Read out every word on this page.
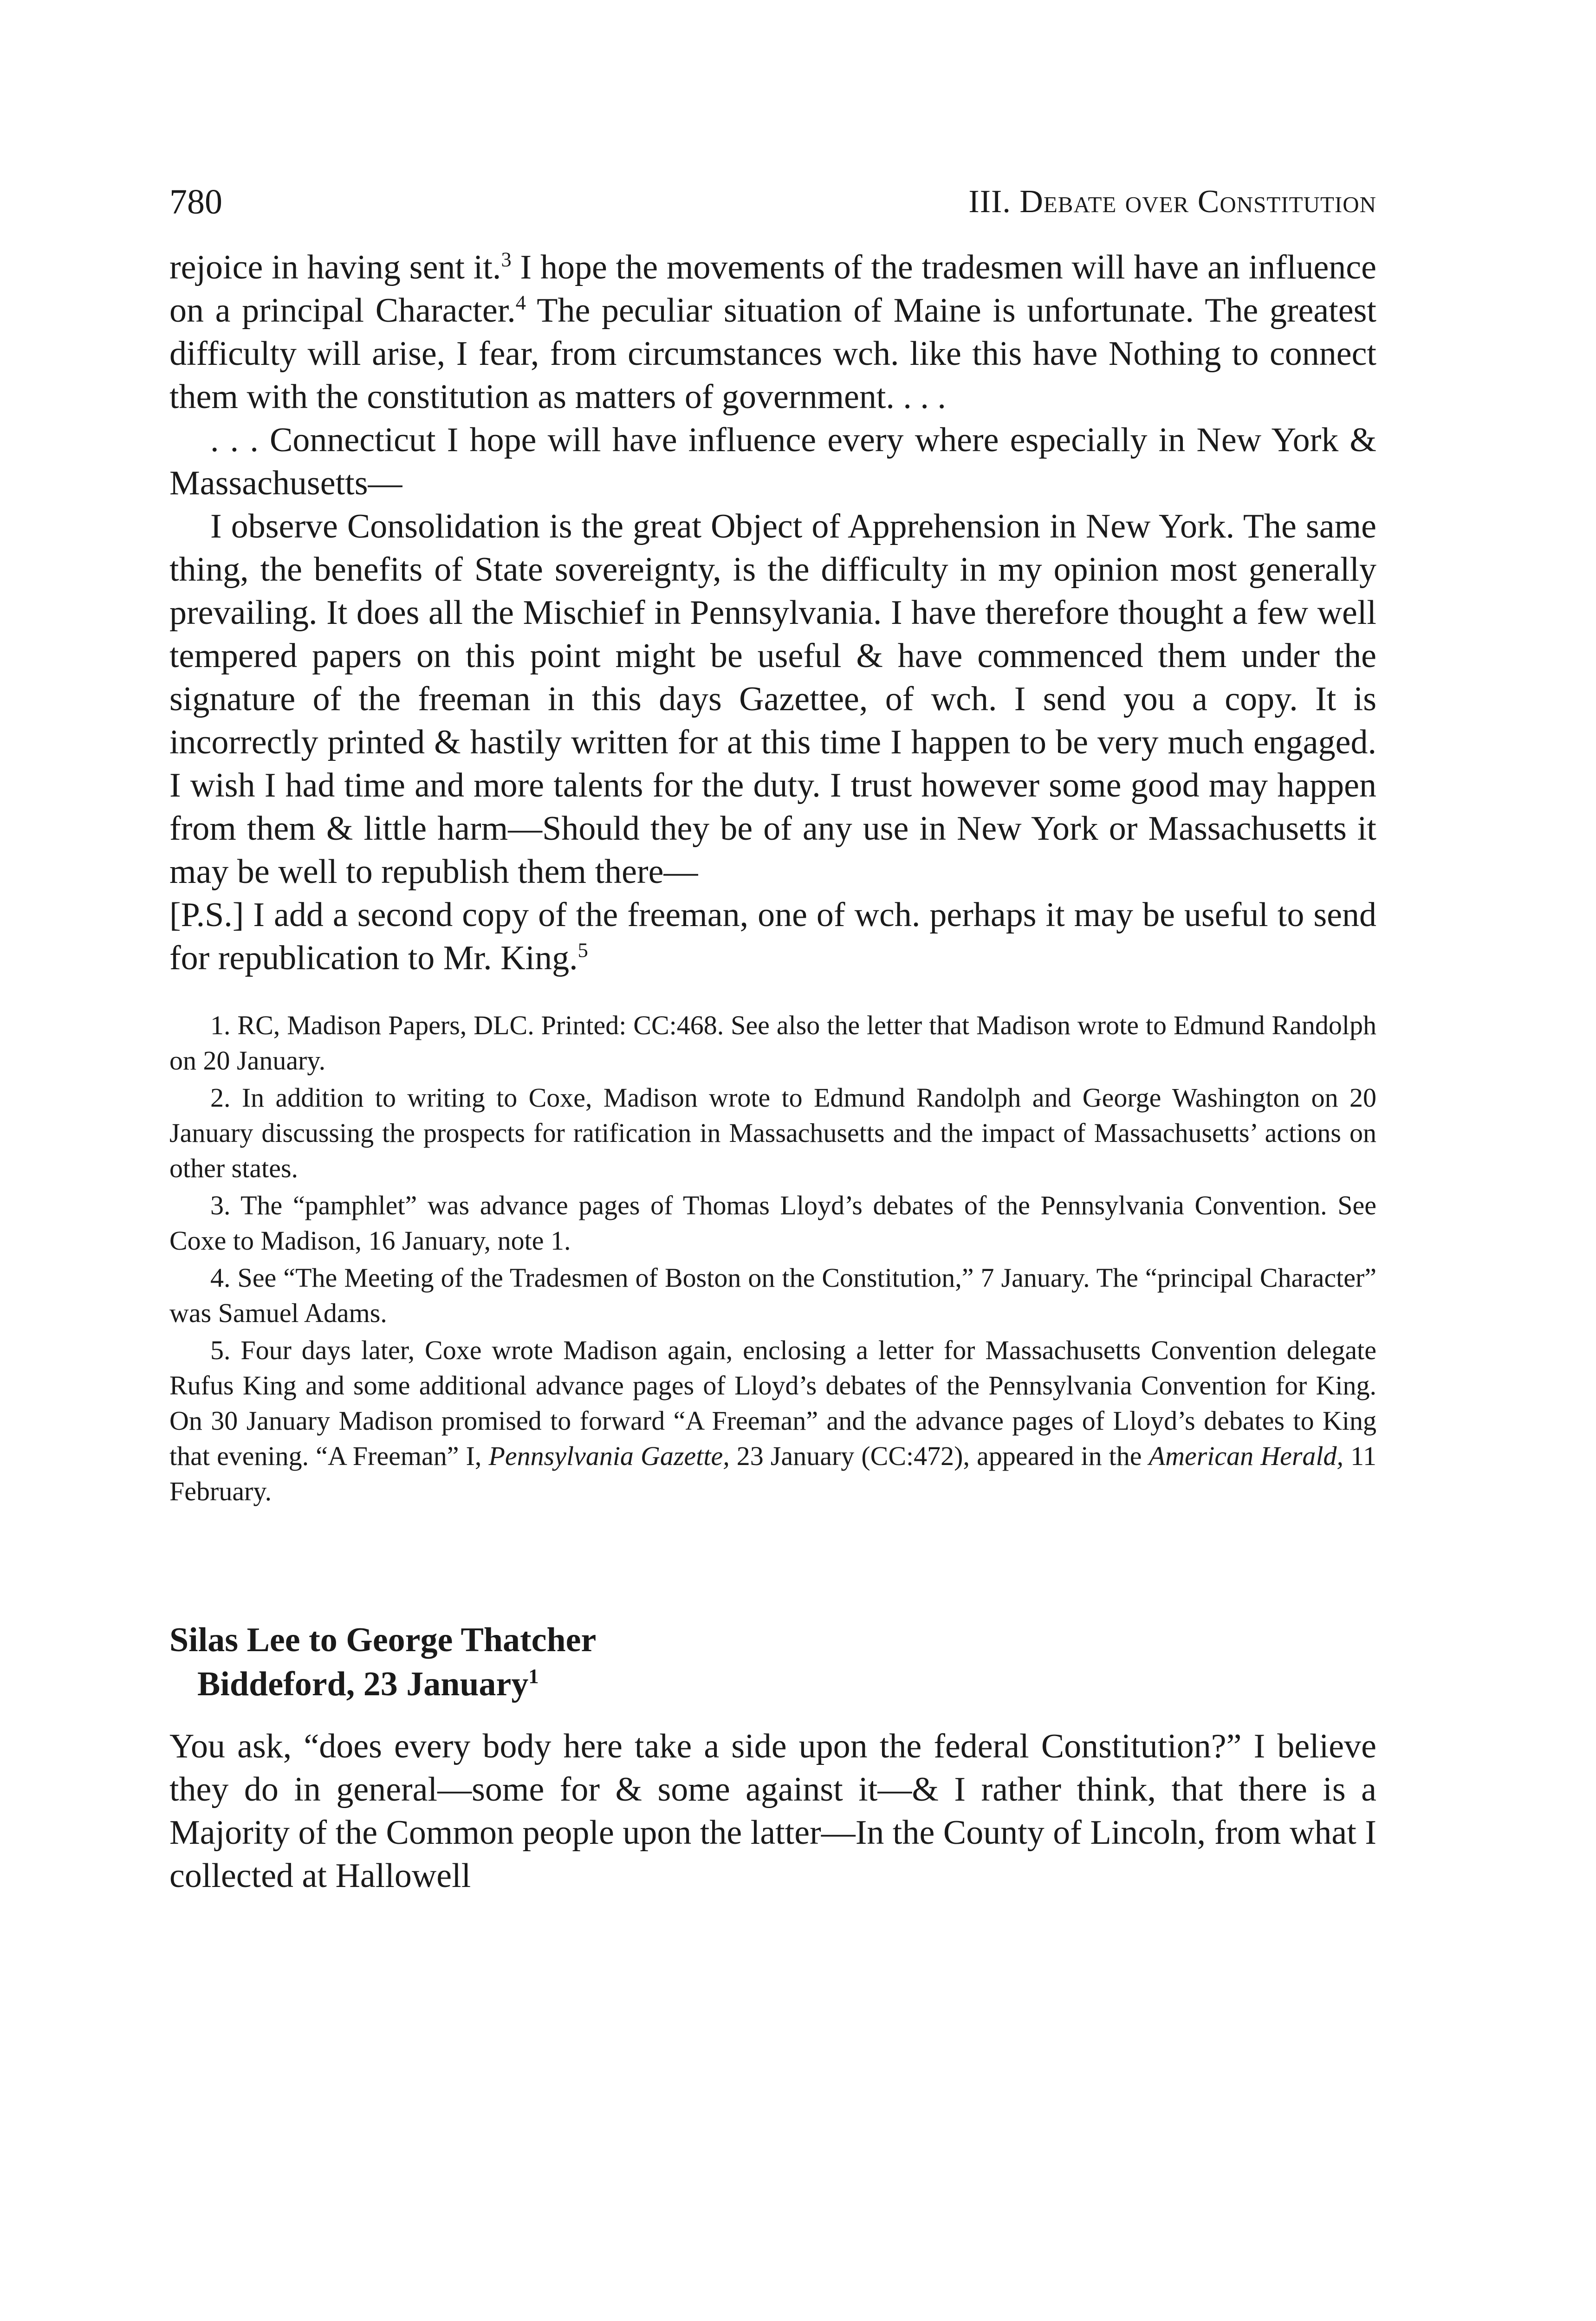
780	III. Debate over Constitution

rejoice in having sent it.$^3$ I hope the movements of the tradesmen will have an influence on a principal Character.$^4$ The peculiar situation of Maine is unfortunate. The greatest difficulty will arise, I fear, from circumstances wch. like this have Nothing to connect them with the constitution as matters of government. . . .

. . . Connecticut I hope will have influence every where especially in New York & Massachusetts—

I observe Consolidation is the great Object of Apprehension in New York. The same thing, the benefits of State sovereignty, is the difficulty in my opinion most generally prevailing. It does all the Mischief in Pennsylvania. I have therefore thought a few well tempered papers on this point might be useful & have commenced them under the signature of the freeman in this days Gazettee, of wch. I send you a copy. It is incorrectly printed & hastily written for at this time I happen to be very much engaged. I wish I had time and more talents for the duty. I trust however some good may happen from them & little harm—Should they be of any use in New York or Massachusetts it may be well to republish them there—

[P.S.] I add a second copy of the freeman, one of wch. perhaps it may be useful to send for republication to Mr. King.$^5$

1. RC, Madison Papers, DLC. Printed: CC:468. See also the letter that Madison wrote to Edmund Randolph on 20 January.

2. In addition to writing to Coxe, Madison wrote to Edmund Randolph and George Washington on 20 January discussing the prospects for ratification in Massachusetts and the impact of Massachusetts’ actions on other states.

3. The “pamphlet” was advance pages of Thomas Lloyd’s debates of the Pennsylvania Convention. See Coxe to Madison, 16 January, note 1.

4. See “The Meeting of the Tradesmen of Boston on the Constitution,” 7 January. The “principal Character” was Samuel Adams.

5. Four days later, Coxe wrote Madison again, enclosing a letter for Massachusetts Convention delegate Rufus King and some additional advance pages of Lloyd’s debates of the Pennsylvania Convention for King. On 30 January Madison promised to forward “A Freeman” and the advance pages of Lloyd’s debates to King that evening. “A Freeman” I, Pennsylvania Gazette, 23 January (CC:472), appeared in the American Herald, 11 February.

Silas Lee to George Thatcher
Biddeford, 23 January$^1$

You ask, “does every body here take a side upon the federal Constitution?” I believe they do in general—some for & some against it—& I rather think, that there is a Majority of the Common people upon the latter—In the County of Lincoln, from what I collected at Hallowell
